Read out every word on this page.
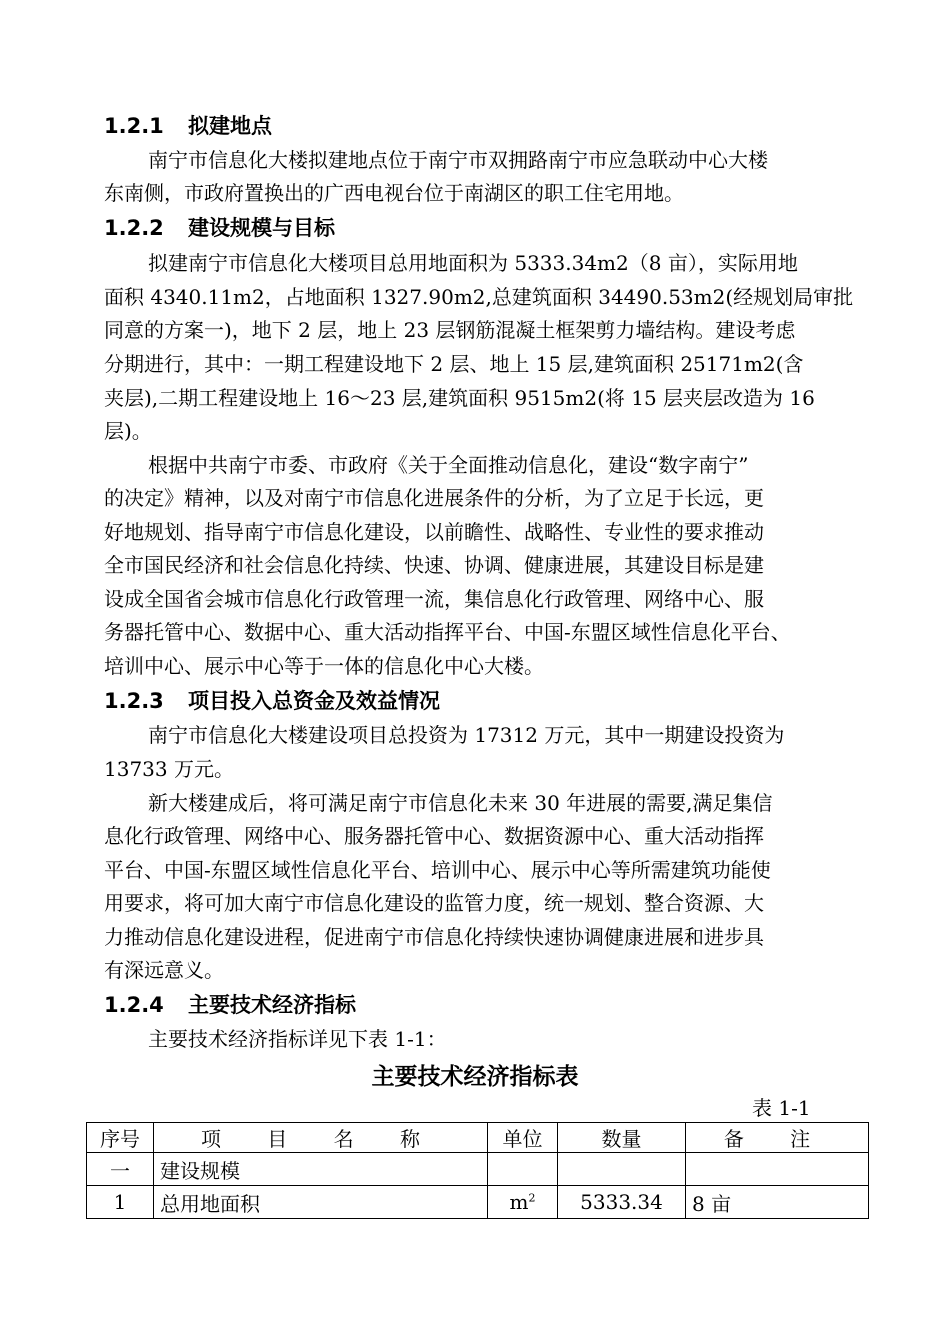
1.2.1 拟建地点
南宁市信息化大楼拟建地点位于南宁市双拥路南宁市应急联动中心大楼
东南侧，市政府置换出的广西电视台位于南湖区的职工住宅用地。
1.2.2 建设规模与目标
拟建南宁市信息化大楼项目总用地面积为 5333.34m2（8 亩），实际用地
面积 4340.11m2，占地面积 1327.90m2,总建筑面积 34490.53m2(经规划局审批
同意的方案一)，地下 2 层，地上 23 层钢筋混凝土框架剪力墙结构。建设考虑
分期进行，其中：一期工程建设地下 2 层、地上 15 层,建筑面积 25171m2(含
夹层),二期工程建设地上 16～23 层,建筑面积 9515m2(将 15 层夹层改造为 16
层)。
根据中共南宁市委、市政府《关于全面推动信息化，建设“数字南宁”
的决定》精神，以及对南宁市信息化进展条件的分析，为了立足于长远，更
好地规划、指导南宁市信息化建设，以前瞻性、战略性、专业性的要求推动
全市国民经济和社会信息化持续、快速、协调、健康进展，其建设目标是建
设成全国省会城市信息化行政管理一流，集信息化行政管理、网络中心、服
务器托管中心、数据中心、重大活动指挥平台、中国-东盟区域性信息化平台、
培训中心、展示中心等于一体的信息化中心大楼。
1.2.3 项目投入总资金及效益情况
南宁市信息化大楼建设项目总投资为 17312 万元，其中一期建设投资为
13733 万元。
新大楼建成后，将可满足南宁市信息化未来 30 年进展的需要,满足集信
息化行政管理、网络中心、服务器托管中心、数据资源中心、重大活动指挥
平台、中国-东盟区域性信息化平台、培训中心、展示中心等所需建筑功能使
用要求，将可加大南宁市信息化建设的监管力度，统一规划、整合资源、大
力推动信息化建设进程，促进南宁市信息化持续快速协调健康进展和进步具
有深远意义。
1.2.4 主要技术经济指标
主要技术经济指标详见下表 1-1：
主要技术经济指标表
表 1-1
序号	项 目 名 称	单位	数量	备 注
一	建设规模			
1	总用地面积	$m^2$	5333.34	8 亩
